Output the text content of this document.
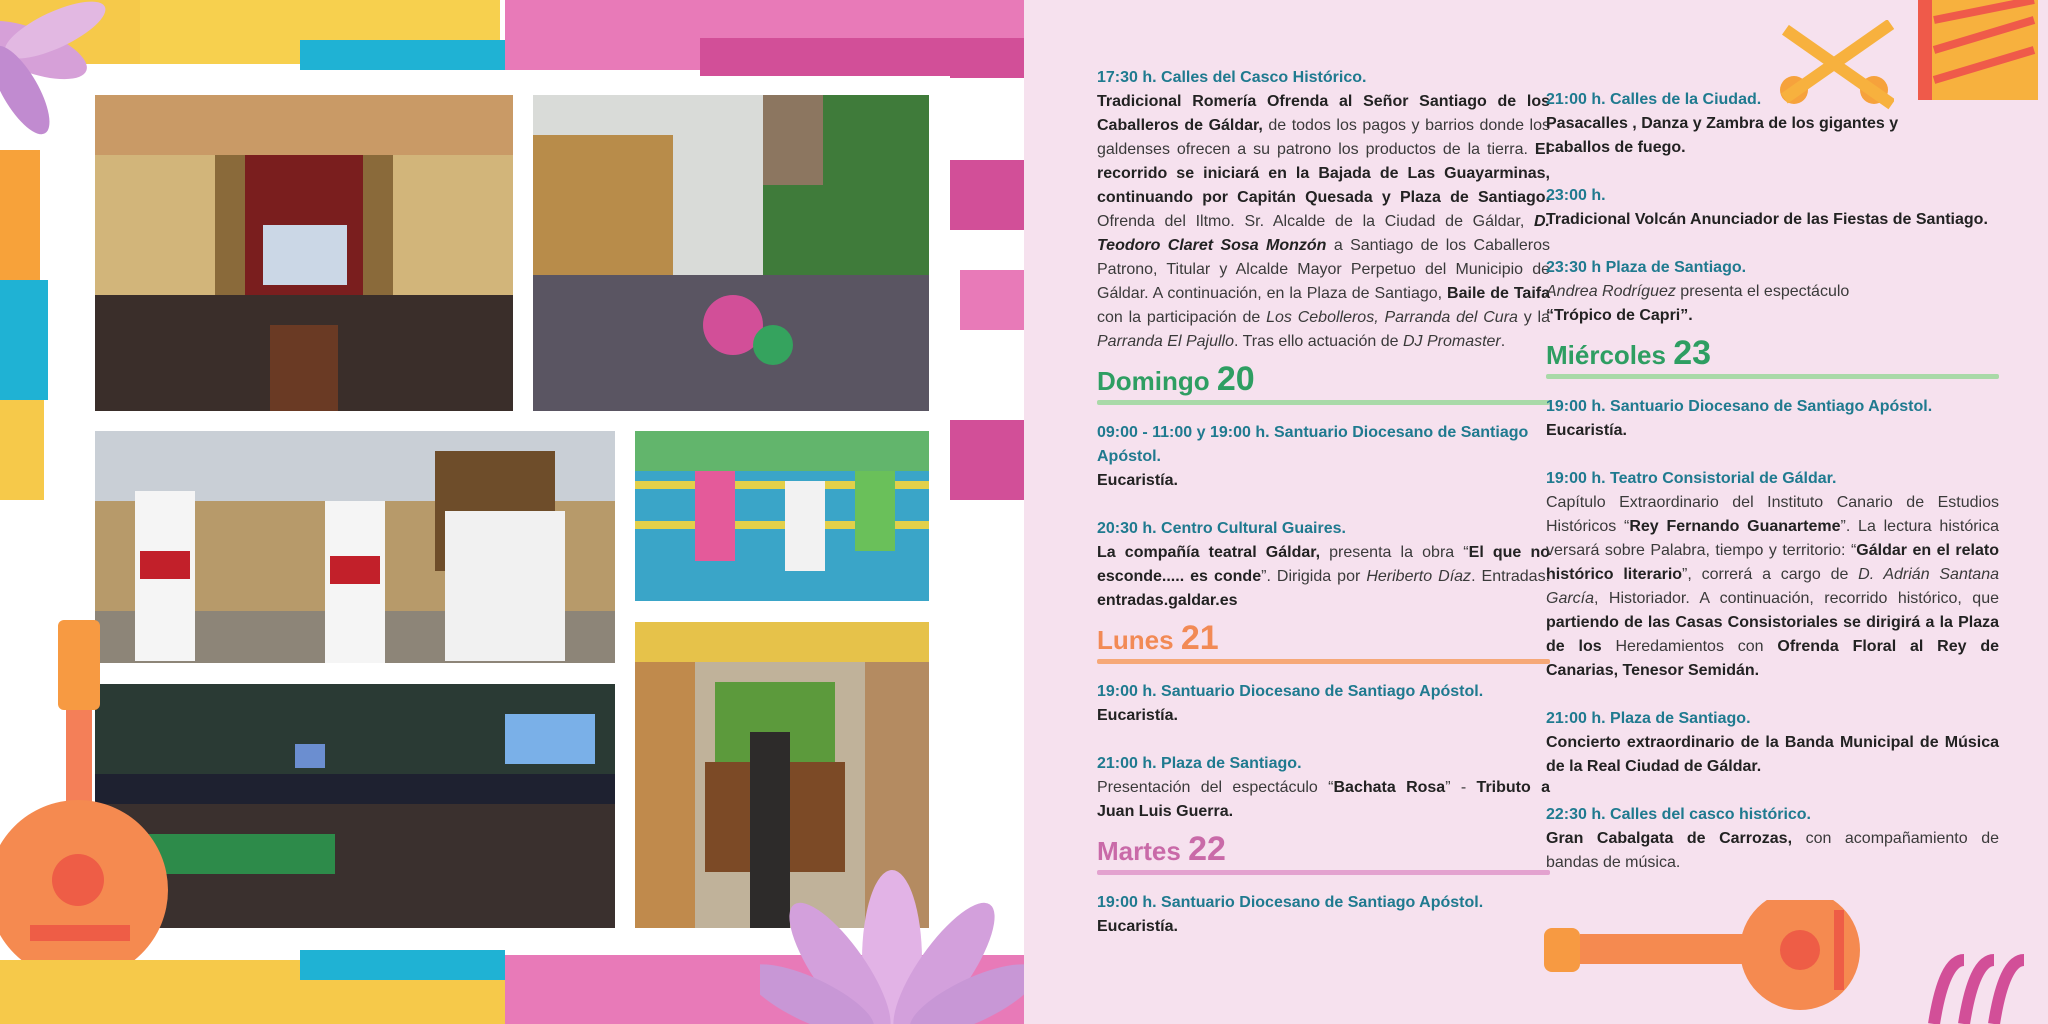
17:30 h. Calles del Casco Histórico.

Tradicional Romería Ofrenda al Señor Santiago de los Caballeros de Gáldar, de todos los pagos y barrios donde los galdenses ofrecen a su patrono los productos de la tierra. El recorrido se iniciará en la Bajada de Las Guayarminas, continuando por Capitán Quesada y Plaza de Santiago. Ofrenda del Iltmo. Sr. Alcalde de la Ciudad de Gáldar, D. Teodoro Claret Sosa Monzón a Santiago de los Caballeros Patrono, Titular y Alcalde Mayor Perpetuo del Municipio de Gáldar. A continuación, en la Plaza de Santiago, Baile de Taifa con la participación de Los Cebolleros, Parranda del Cura y la Parranda El Pajullo. Tras ello actuación de DJ Promaster.

Domingo 20
09:00 - 11:00 y 19:00 h. Santuario Diocesano de Santiago Apóstol.
Eucaristía.
20:30 h. Centro Cultural Guaires.

La compañía teatral Gáldar, presenta la obra “El que no esconde..... es conde”. Dirigida por Heriberto Díaz. Entradas: entradas.galdar.es

Lunes 21
19:00 h. Santuario Diocesano de Santiago Apóstol.
Eucaristía.
21:00 h. Plaza de Santiago.

Presentación del espectáculo “Bachata Rosa” - Tributo a Juan Luis Guerra.

Martes 22
19:00 h. Santuario Diocesano de Santiago Apóstol.
Eucaristía.
21:00 h. Calles de la Ciudad.
Pasacalles , Danza y Zambra de los gigantes y caballos de fuego.
23:00 h.
Tradicional Volcán Anunciador de las Fiestas de Santiago.
23:30 h Plaza de Santiago.
Andrea Rodríguez presenta el espectáculo
“Trópico de Capri”.
Miércoles 23
19:00 h. Santuario Diocesano de Santiago Apóstol.
Eucaristía.
19:00 h. Teatro Consistorial de Gáldar.

Capítulo Extraordinario del Instituto Canario de Estudios Históricos “Rey Fernando Guanarteme”. La lectura histórica versará sobre Palabra, tiempo y territorio: “Gáldar en el relato histórico literario”, correrá a cargo de D. Adrián Santana García, Historiador. A continuación, recorrido histórico, que partiendo de las Casas Consistoriales se dirigirá a la Plaza de los Heredamientos con Ofrenda Floral al Rey de Canarias, Tenesor Semidán.

21:00 h. Plaza de Santiago.

Concierto extraordinario de la Banda Municipal de Música de la Real Ciudad de Gáldar.

22:30 h. Calles del casco histórico.

Gran Cabalgata de Carrozas, con acompañamiento de bandas de música.
